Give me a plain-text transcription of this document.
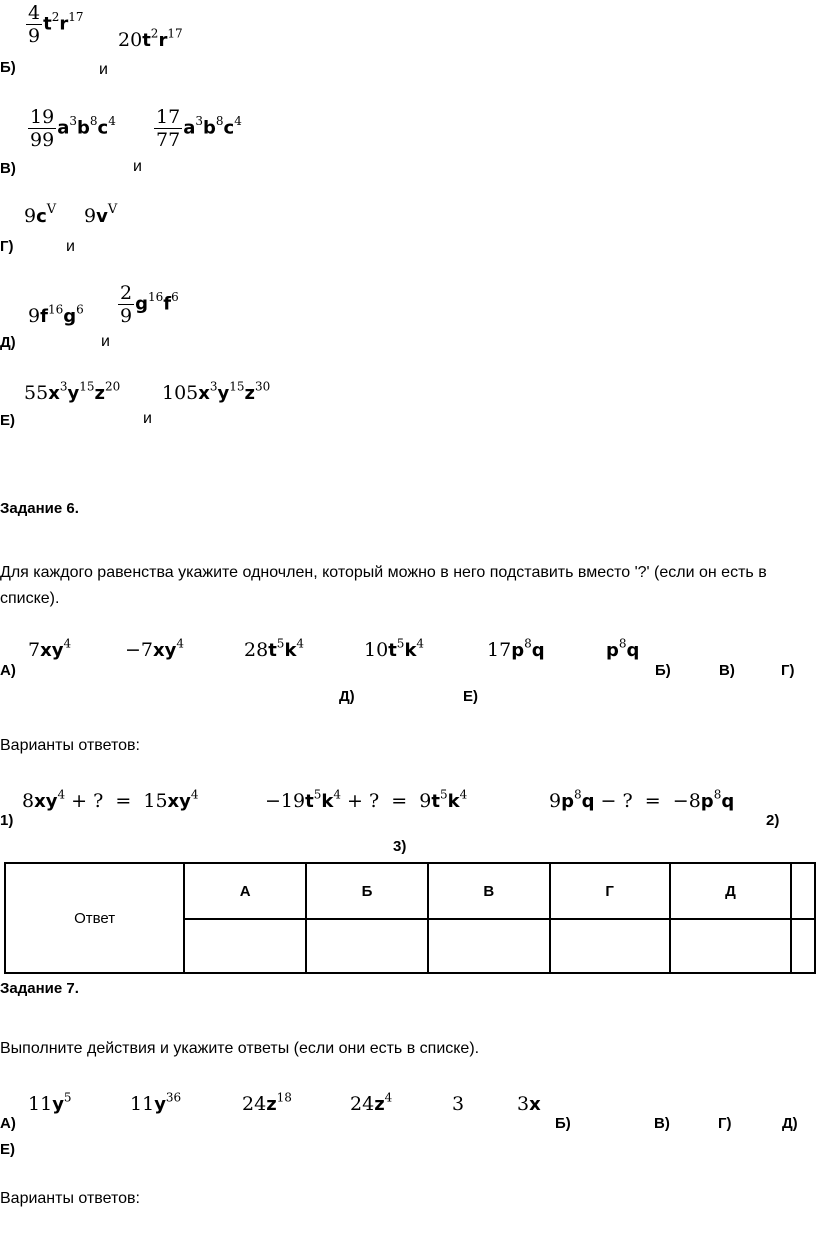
$\frac{4}{9} t^2r^{17}$
$20t^2r^{17}$
Б)	и
$\frac{19}{99} a^3b^8c^4 \frac{17}{77} a^3b^8c^4$
В)	и
$9c^V$ $9v^V$
Г)	и
$9f^{16}g^6 \frac{2}{9} g^{16}f^6$
Д)	и
$55x^3y^{15}z^{20}$ $105x^3y^{15}z^{30}$
Е)	и
Задание 6.
Для каждого равенства укажите одночлен, который можно в него подставить вместо '?' (если он есть в списке).
$7xy^4$	$-7xy^4$	$28t^5k^4$	$10t^5k^4$	$17p^8q$	$p^8q$
А)	Б)	В)	Г)
Д)	Е)
Варианты ответов:
$8xy^4$ + ?  =  $15xy^4$	$-19t^5k^4$ + ?  =  $9t^5k^4$	$9p^8q$ − ?  =  $-8p^8q$
1)	2)
3)
Ответ	А	Б	В	Г	Д	

Задание 7.
Выполните действия и укажите ответы (если они есть в списке).
$11y^5$	$11y^{36}$	$24z^{18}$	$24z^4$	3	3x
А)	Б)	В)	Г)	Д)
Е)
Варианты ответов:
